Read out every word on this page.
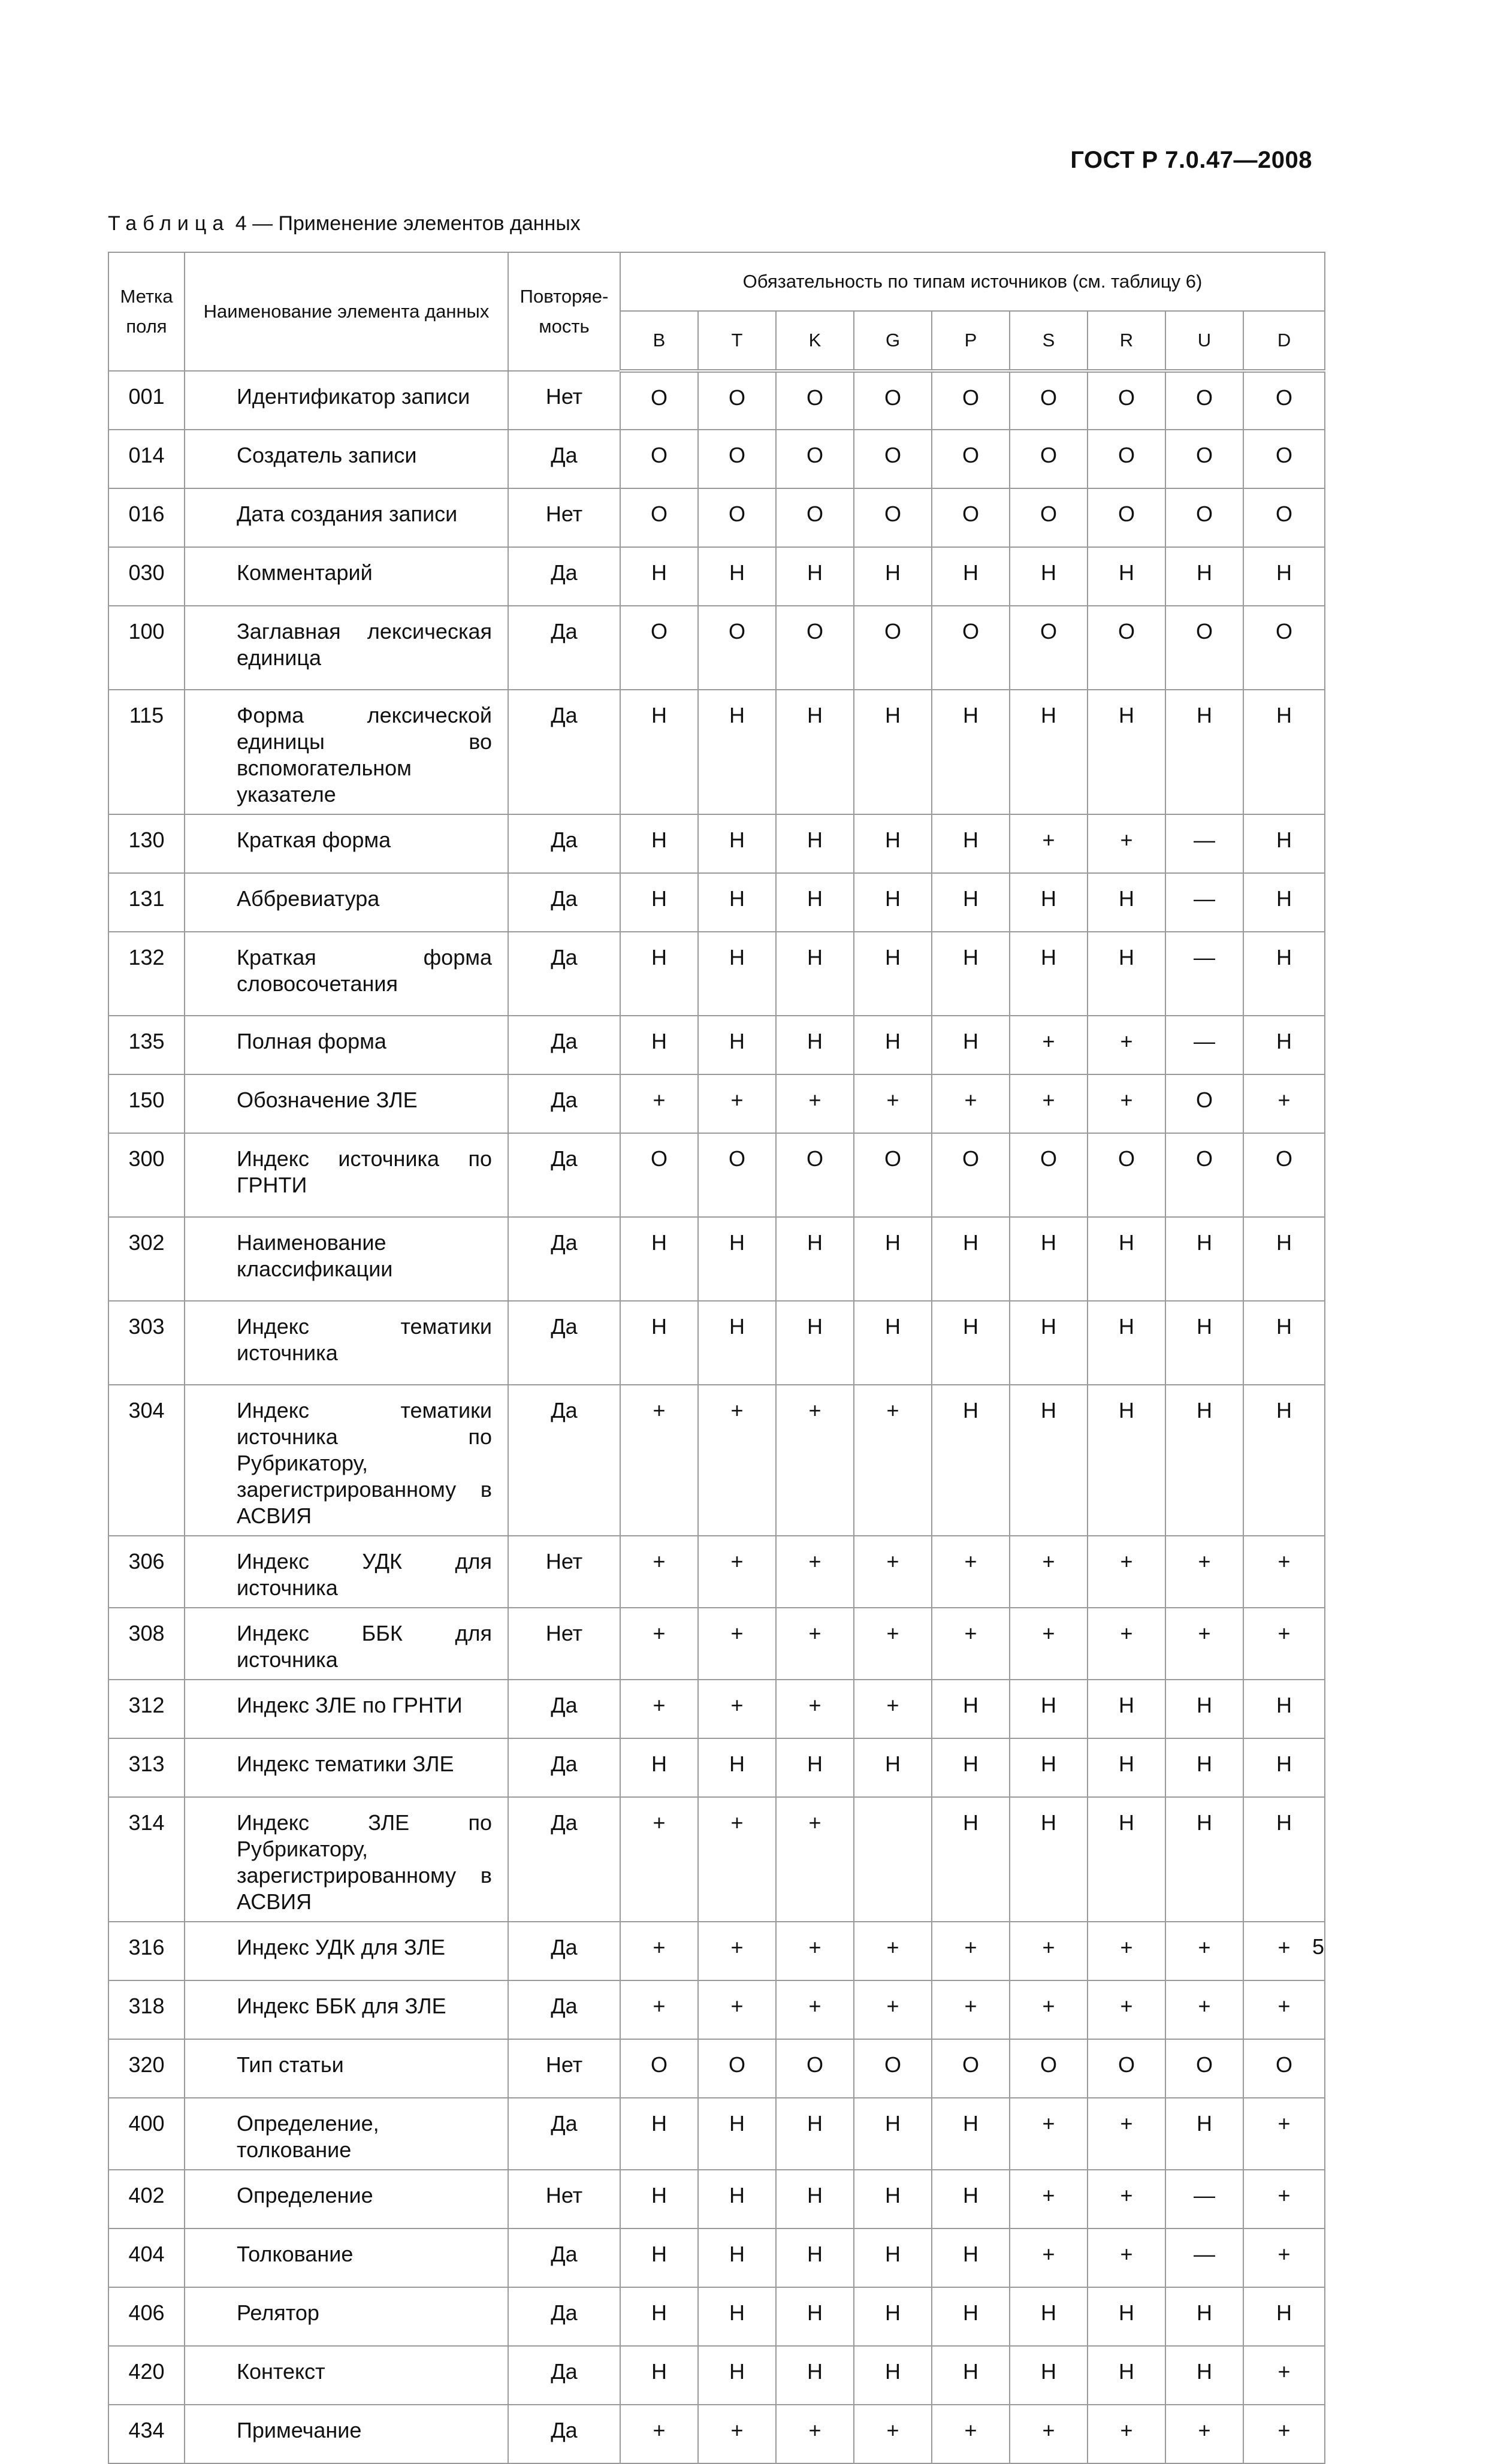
ГОСТ Р 7.0.47—2008
Таблица 4 — Применение элементов данных
Метка поля	Наименование элемента данных	Повторяе- мость	Обязательность по типам источников (см. таблицу 6)								
			B	T	K	G	P	S	R	U	D
001	Идентификатор записи	Нет	О	О	О	О	О	О	О	О	О
014	Создатель записи	Да	О	О	О	О	О	О	О	О	О
016	Дата создания записи	Нет	О	О	О	О	О	О	О	О	О
030	Комментарий	Да	Н	Н	Н	Н	Н	Н	Н	Н	Н
100	Заглавная лексическая единица	Да	О	О	О	О	О	О	О	О	О
115	Форма лексической единицы во вспомогательном указателе	Да	Н	Н	Н	Н	Н	Н	Н	Н	Н
130	Краткая форма	Да	Н	Н	Н	Н	Н	+	+	—	Н
131	Аббревиатура	Да	Н	Н	Н	Н	Н	Н	Н	—	Н
132	Краткая форма словосочетания	Да	Н	Н	Н	Н	Н	Н	Н	—	Н
135	Полная форма	Да	Н	Н	Н	Н	Н	+	+	—	Н
150	Обозначение ЗЛЕ	Да	+	+	+	+	+	+	+	О	+
300	Индекс источника по ГРНТИ	Да	О	О	О	О	О	О	О	О	О
302	Наименование классификации	Да	Н	Н	Н	Н	Н	Н	Н	Н	Н
303	Индекс тематики источника	Да	Н	Н	Н	Н	Н	Н	Н	Н	Н
304	Индекс тематики источника по Рубрикатору, зарегистрированному в АСВИЯ	Да	+	+	+	+	Н	Н	Н	Н	Н
306	Индекс УДК для источника	Нет	+	+	+	+	+	+	+	+	+
308	Индекс ББК для источника	Нет	+	+	+	+	+	+	+	+	+
312	Индекс ЗЛЕ по ГРНТИ	Да	+	+	+	+	Н	Н	Н	Н	Н
313	Индекс тематики ЗЛЕ	Да	Н	Н	Н	Н	Н	Н	Н	Н	Н
314	Индекс ЗЛЕ по Рубрикатору, зарегистрированному в АСВИЯ	Да	+	+	+		Н	Н	Н	Н	Н
316	Индекс УДК для ЗЛЕ	Да	+	+	+	+	+	+	+	+	+
318	Индекс ББК для ЗЛЕ	Да	+	+	+	+	+	+	+	+	+
320	Тип статьи	Нет	О	О	О	О	О	О	О	О	О
400	Определение, толкование	Да	Н	Н	Н	Н	Н	+	+	Н	+
402	Определение	Нет	Н	Н	Н	Н	Н	+	+	—	+
404	Толкование	Да	Н	Н	Н	Н	Н	+	+	—	+
406	Релятор	Да	Н	Н	Н	Н	Н	Н	Н	Н	Н
420	Контекст	Да	Н	Н	Н	Н	Н	Н	Н	Н	+
434	Примечание	Да	+	+	+	+	+	+	+	+	+
5
